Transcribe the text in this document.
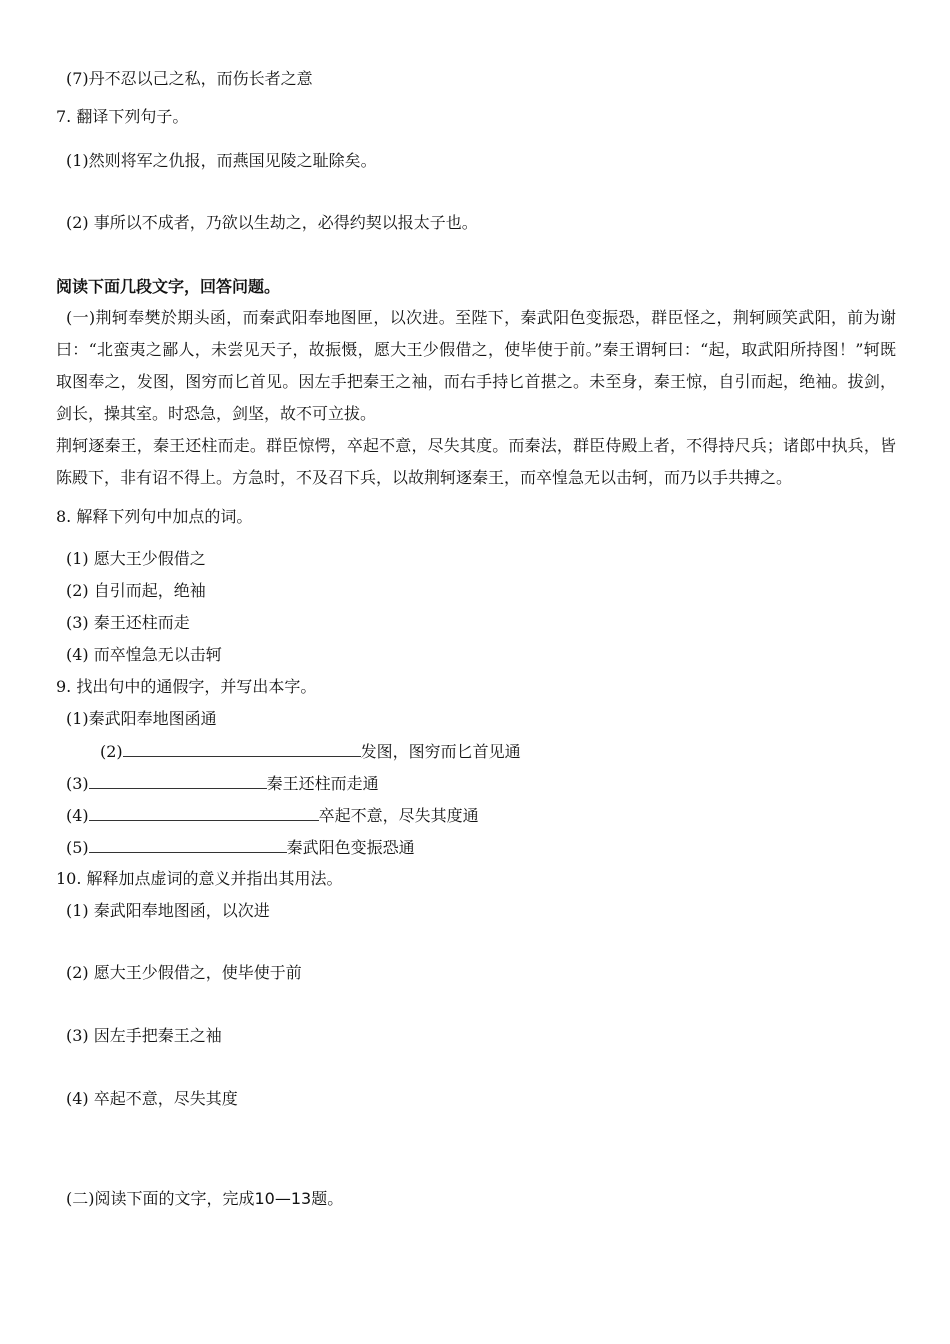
(7)丹不忍以己之私，而伤长者之意
7. 翻译下列句子。
(1)然则将军之仇报，而燕国见陵之耻除矣。
(2) 事所以不成者，乃欲以生劫之，必得约契以报太子也。
阅读下面几段文字，回答问题。
(一)荆轲奉樊於期头函，而秦武阳奉地图匣，以次进。至陛下，秦武阳色变振恐，群臣怪之，荆轲顾笑武阳，前为谢曰：“北蛮夷之鄙人，未尝见天子，故振慑，愿大王少假借之，使毕使于前。”秦王谓轲曰：“起，取武阳所持图！”轲既取图奉之，发图，图穷而匕首见。因左手把秦王之袖，而右手持匕首揕之。未至身，秦王惊，自引而起，绝袖。拔剑，剑长，操其室。时恐急，剑坚，故不可立拔。
荆轲逐秦王，秦王还柱而走。群臣惊愕，卒起不意，尽失其度。而秦法，群臣侍殿上者，不得持尺兵；诸郎中执兵，皆陈殿下，非有诏不得上。方急时，不及召下兵，以故荆轲逐秦王，而卒惶急无以击轲，而乃以手共搏之。
8. 解释下列句中加点的词。
(1) 愿大王少假借之
(2) 自引而起，绝袖
(3) 秦王还柱而走
(4) 而卒惶急无以击轲
9. 找出句中的通假字，并写出本字。
(1)秦武阳奉地图函通
(2)	发图，图穷而匕首见通
(3)	秦王还柱而走通
(4)	卒起不意，尽失其度通
(5)	秦武阳色变振恐通
10. 解释加点虚词的意义并指出其用法。
(1) 秦武阳奉地图函，以次进
(2) 愿大王少假借之，使毕使于前
(3) 因左手把秦王之袖
(4) 卒起不意，尽失其度
(二)阅读下面的文字，完成10—13题。
